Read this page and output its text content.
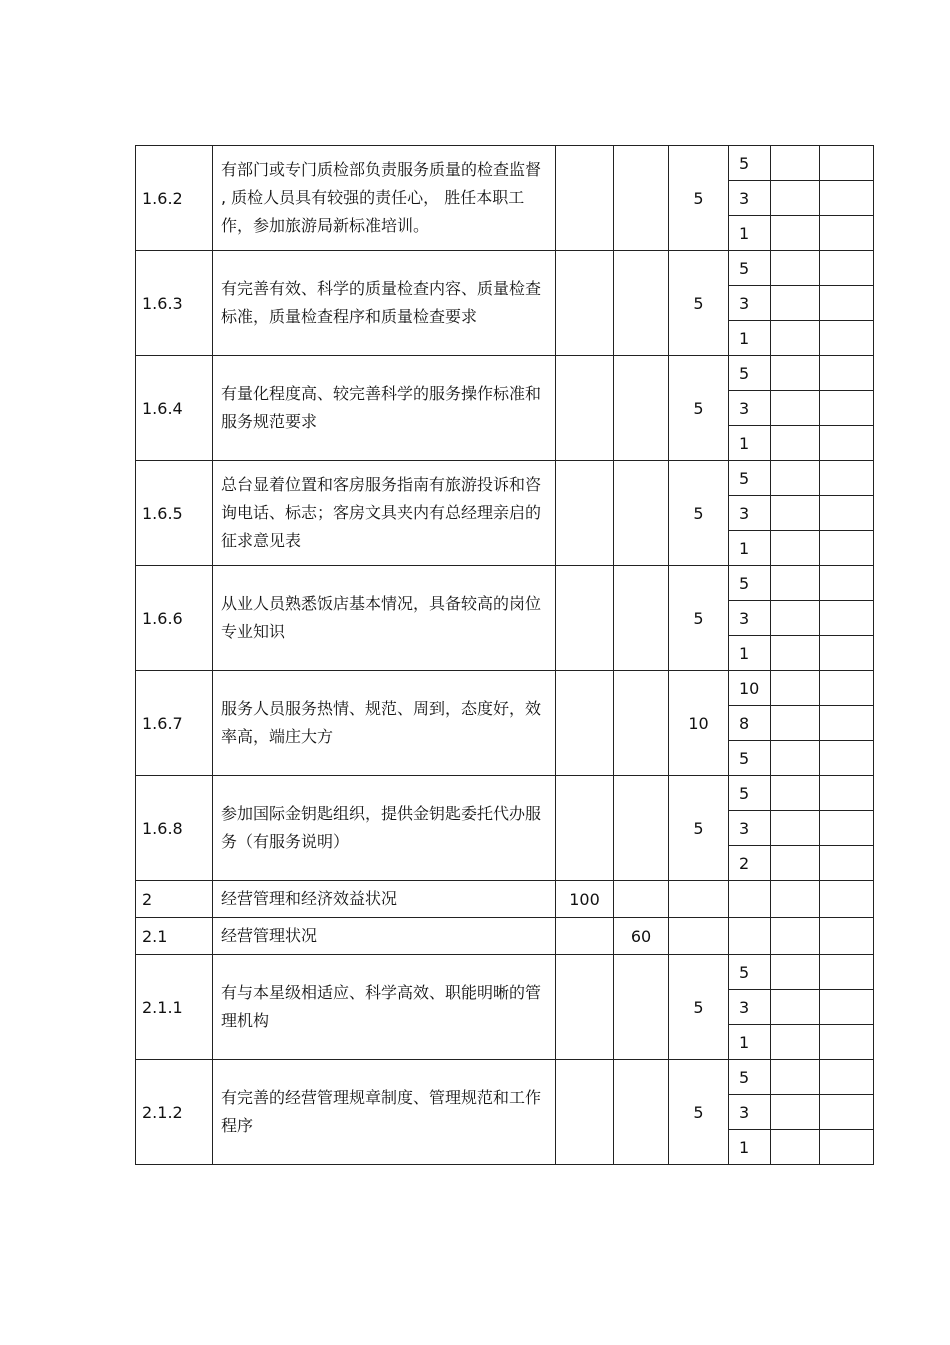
1.6.2	有部门或专门质检部负责服务质量的检查监督 , 质检人员具有较强的责任心， 胜任本职工作，参加旅游局新标准培训。			5	5		
					3		
					1		
1.6.3	有完善有效、科学的质量检查内容、质量检查标准，质量检查程序和质量检查要求			5	5		
					3		
					1		
1.6.4	有量化程度高、较完善科学的服务操作标准和服务规范要求			5	5		
					3		
					1		
1.6.5	总台显着位置和客房服务指南有旅游投诉和咨询电话、标志；客房文具夹内有总经理亲启的征求意见表			5	5		
					3		
					1		
1.6.6	从业人员熟悉饭店基本情况，具备较高的岗位专业知识			5	5		
					3		
					1		
1.6.7	服务人员服务热情、规范、周到，态度好，效率高，端庄大方			10	10		
					8		
					5		
1.6.8	参加国际金钥匙组织，提供金钥匙委托代办服务（有服务说明）			5	5		
					3		
					2		
2	经营管理和经济效益状况	100					
2.1	经营管理状况		60				
2.1.1	有与本星级相适应、科学高效、职能明晰的管理机构			5	5		
					3		
					1		
2.1.2	有完善的经营管理规章制度、管理规范和工作程序			5	5		
					3		
					1		
